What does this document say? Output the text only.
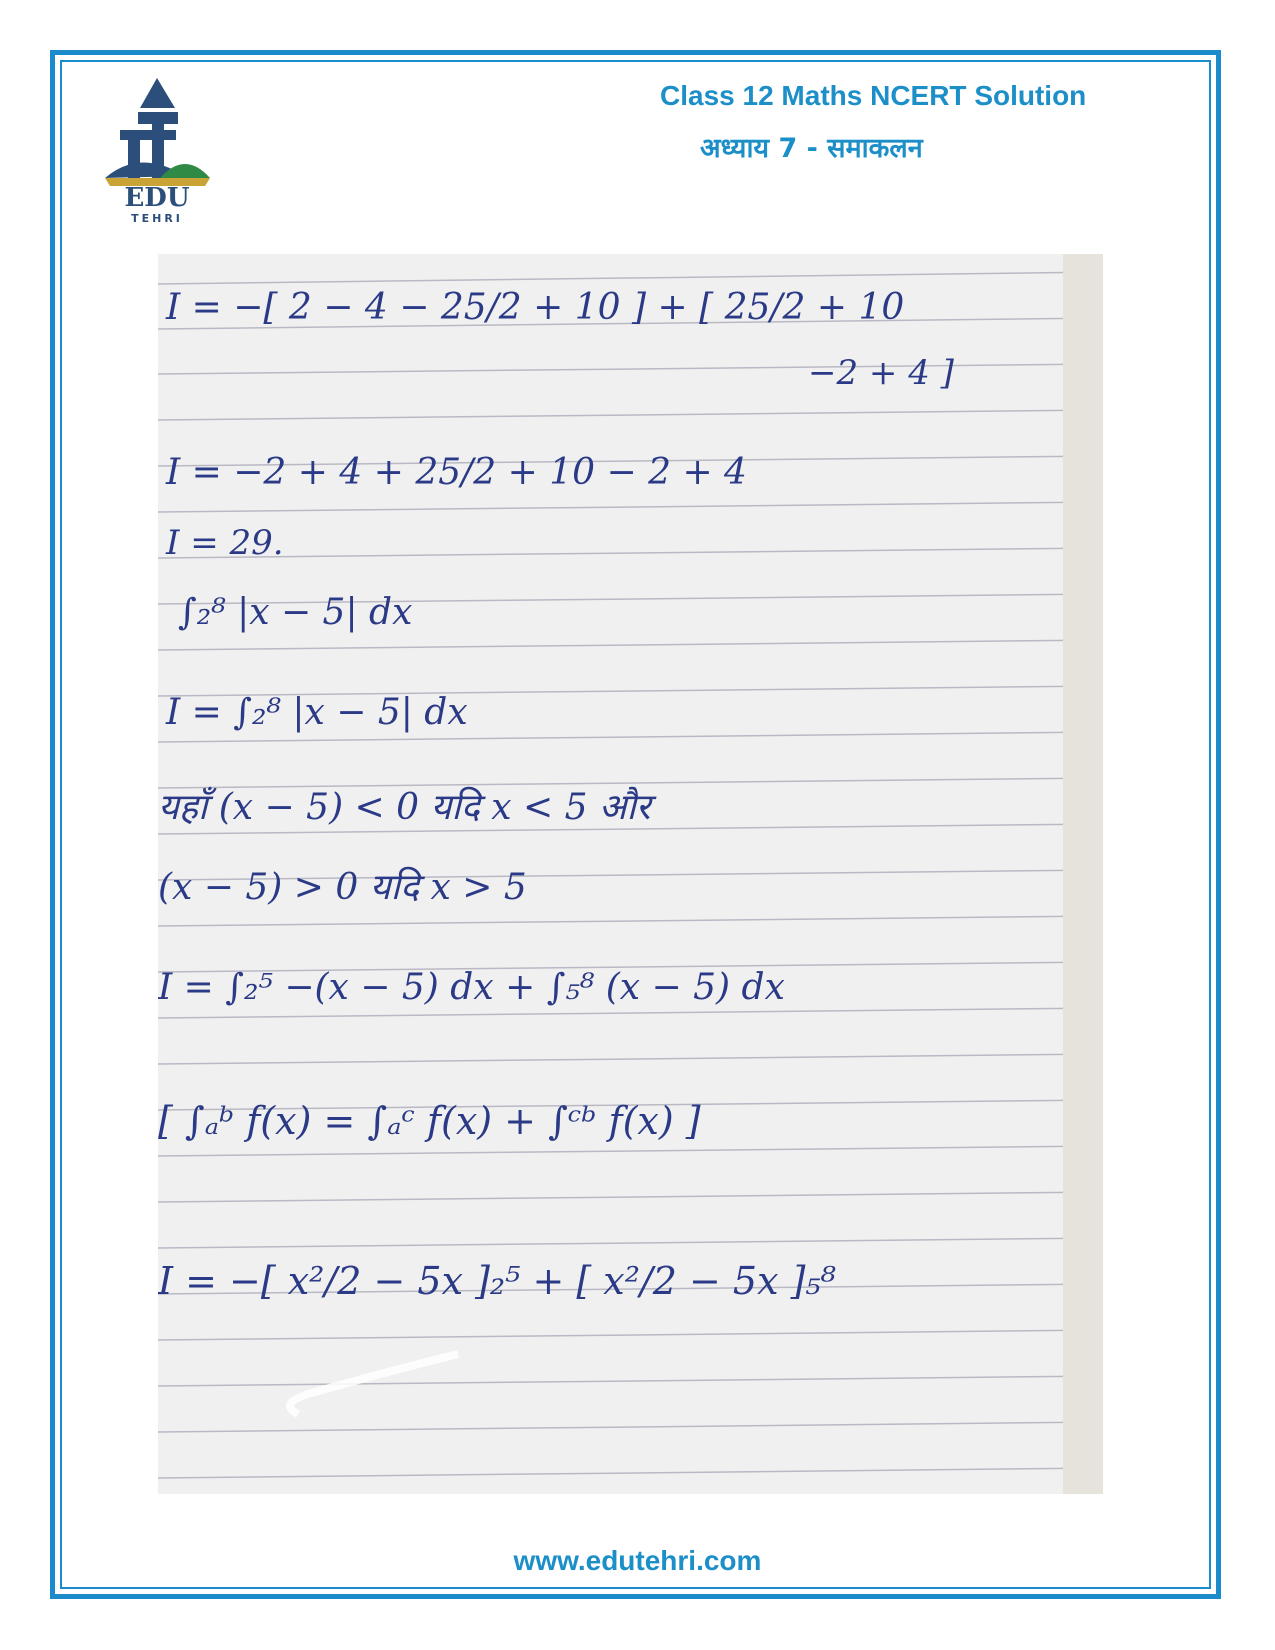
EDU
TEHRI
Class 12 Maths NCERT Solution
अध्याय 7 - समाकलन
I = −[ 2 − 4 − 25/2 + 10 ] + [ 25/2 + 10
−2 + 4 ]
I = −2 + 4 + 25/2 + 10 − 2 + 4
I = 29.
∫₂⁸ |x − 5| dx
I = ∫₂⁸ |x − 5| dx
यहाँ (x − 5) < 0 यदि x < 5 और
(x − 5) > 0 यदि x > 5
I = ∫₂⁵ −(x − 5) dx + ∫₅⁸ (x − 5) dx
[ ∫ₐᵇ f(x) = ∫ₐᶜ f(x) + ∫ᶜᵇ f(x) ]
I = −[ x²/2 − 5x ]₂⁵ + [ x²/2 − 5x ]₅⁸
www.edutehri.com
